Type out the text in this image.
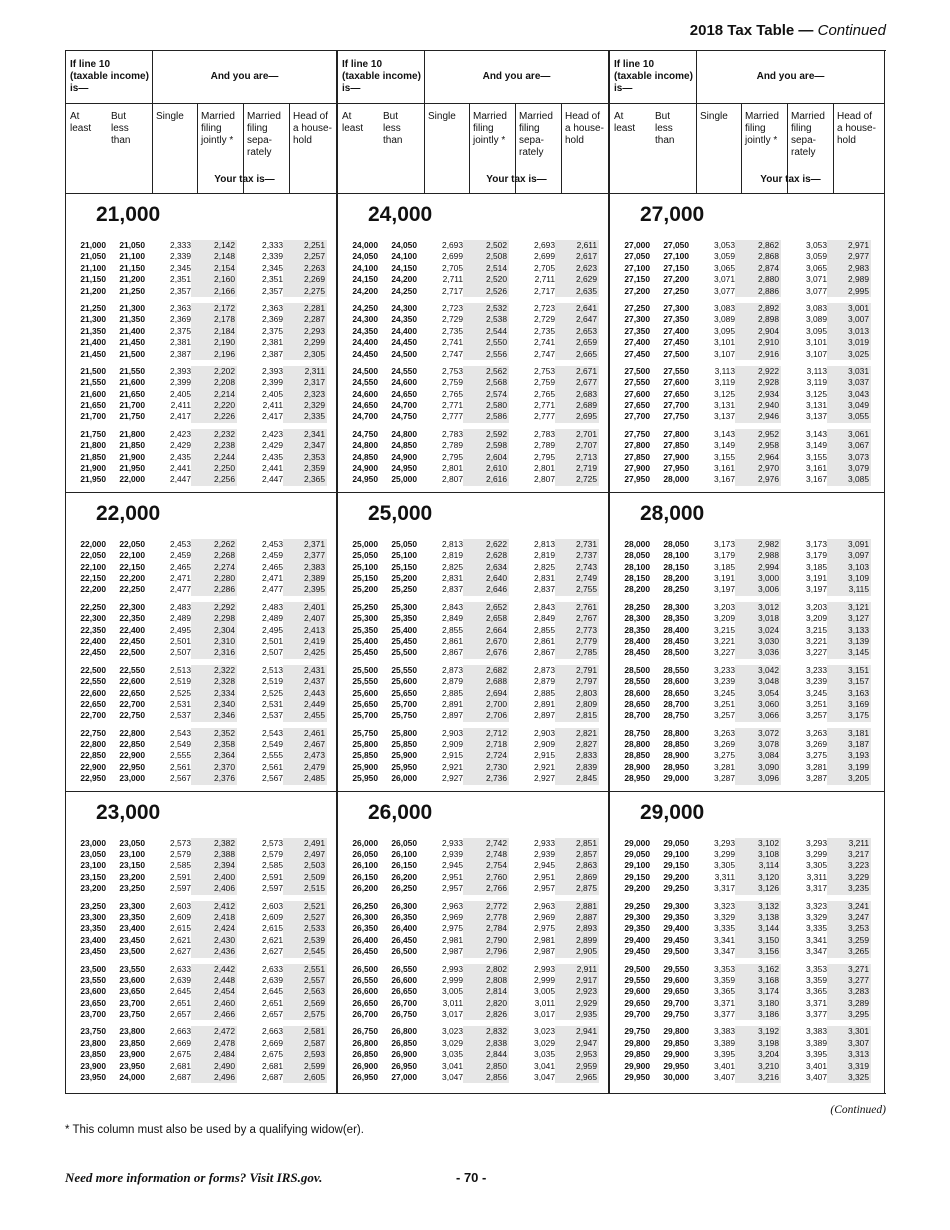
2018 Tax Table — Continued
If line 10 (taxable income) is—
And you are—
At least
But less than
Single	Married filing jointly *
Married filing sepa-rately
Head of a house-hold
Your tax is—
21,000
21,000	21,050	2,333	2,142	2,333	2,251
21,050	21,100	2,339	2,148	2,339	2,257
21,100	21,150	2,345	2,154	2,345	2,263
21,150	21,200	2,351	2,160	2,351	2,269
21,200	21,250	2,357	2,166	2,357	2,275
21,250	21,300	2,363	2,172	2,363	2,281
21,300	21,350	2,369	2,178	2,369	2,287
21,350	21,400	2,375	2,184	2,375	2,293
21,400	21,450	2,381	2,190	2,381	2,299
21,450	21,500	2,387	2,196	2,387	2,305
21,500	21,550	2,393	2,202	2,393	2,311
21,550	21,600	2,399	2,208	2,399	2,317
21,600	21,650	2,405	2,214	2,405	2,323
21,650	21,700	2,411	2,220	2,411	2,329
21,700	21,750	2,417	2,226	2,417	2,335
21,750	21,800	2,423	2,232	2,423	2,341
21,800	21,850	2,429	2,238	2,429	2,347
21,850	21,900	2,435	2,244	2,435	2,353
21,900	21,950	2,441	2,250	2,441	2,359
21,950	22,000	2,447	2,256	2,447	2,365
22,000
22,000	22,050	2,453	2,262	2,453	2,371
22,050	22,100	2,459	2,268	2,459	2,377
22,100	22,150	2,465	2,274	2,465	2,383
22,150	22,200	2,471	2,280	2,471	2,389
22,200	22,250	2,477	2,286	2,477	2,395
22,250	22,300	2,483	2,292	2,483	2,401
22,300	22,350	2,489	2,298	2,489	2,407
22,350	22,400	2,495	2,304	2,495	2,413
22,400	22,450	2,501	2,310	2,501	2,419
22,450	22,500	2,507	2,316	2,507	2,425
22,500	22,550	2,513	2,322	2,513	2,431
22,550	22,600	2,519	2,328	2,519	2,437
22,600	22,650	2,525	2,334	2,525	2,443
22,650	22,700	2,531	2,340	2,531	2,449
22,700	22,750	2,537	2,346	2,537	2,455
22,750	22,800	2,543	2,352	2,543	2,461
22,800	22,850	2,549	2,358	2,549	2,467
22,850	22,900	2,555	2,364	2,555	2,473
22,900	22,950	2,561	2,370	2,561	2,479
22,950	23,000	2,567	2,376	2,567	2,485
23,000
23,000	23,050	2,573	2,382	2,573	2,491
23,050	23,100	2,579	2,388	2,579	2,497
23,100	23,150	2,585	2,394	2,585	2,503
23,150	23,200	2,591	2,400	2,591	2,509
23,200	23,250	2,597	2,406	2,597	2,515
23,250	23,300	2,603	2,412	2,603	2,521
23,300	23,350	2,609	2,418	2,609	2,527
23,350	23,400	2,615	2,424	2,615	2,533
23,400	23,450	2,621	2,430	2,621	2,539
23,450	23,500	2,627	2,436	2,627	2,545
23,500	23,550	2,633	2,442	2,633	2,551
23,550	23,600	2,639	2,448	2,639	2,557
23,600	23,650	2,645	2,454	2,645	2,563
23,650	23,700	2,651	2,460	2,651	2,569
23,700	23,750	2,657	2,466	2,657	2,575
23,750	23,800	2,663	2,472	2,663	2,581
23,800	23,850	2,669	2,478	2,669	2,587
23,850	23,900	2,675	2,484	2,675	2,593
23,900	23,950	2,681	2,490	2,681	2,599
23,950	24,000	2,687	2,496	2,687	2,605
If line 10 (taxable income) is—
And you are—
At least
But less than
Single	Married filing jointly *
Married filing sepa-rately
Head of a house-hold
Your tax is—
24,000
24,000	24,050	2,693	2,502	2,693	2,611
24,050	24,100	2,699	2,508	2,699	2,617
24,100	24,150	2,705	2,514	2,705	2,623
24,150	24,200	2,711	2,520	2,711	2,629
24,200	24,250	2,717	2,526	2,717	2,635
24,250	24,300	2,723	2,532	2,723	2,641
24,300	24,350	2,729	2,538	2,729	2,647
24,350	24,400	2,735	2,544	2,735	2,653
24,400	24,450	2,741	2,550	2,741	2,659
24,450	24,500	2,747	2,556	2,747	2,665
24,500	24,550	2,753	2,562	2,753	2,671
24,550	24,600	2,759	2,568	2,759	2,677
24,600	24,650	2,765	2,574	2,765	2,683
24,650	24,700	2,771	2,580	2,771	2,689
24,700	24,750	2,777	2,586	2,777	2,695
24,750	24,800	2,783	2,592	2,783	2,701
24,800	24,850	2,789	2,598	2,789	2,707
24,850	24,900	2,795	2,604	2,795	2,713
24,900	24,950	2,801	2,610	2,801	2,719
24,950	25,000	2,807	2,616	2,807	2,725
25,000
25,000	25,050	2,813	2,622	2,813	2,731
25,050	25,100	2,819	2,628	2,819	2,737
25,100	25,150	2,825	2,634	2,825	2,743
25,150	25,200	2,831	2,640	2,831	2,749
25,200	25,250	2,837	2,646	2,837	2,755
25,250	25,300	2,843	2,652	2,843	2,761
25,300	25,350	2,849	2,658	2,849	2,767
25,350	25,400	2,855	2,664	2,855	2,773
25,400	25,450	2,861	2,670	2,861	2,779
25,450	25,500	2,867	2,676	2,867	2,785
25,500	25,550	2,873	2,682	2,873	2,791
25,550	25,600	2,879	2,688	2,879	2,797
25,600	25,650	2,885	2,694	2,885	2,803
25,650	25,700	2,891	2,700	2,891	2,809
25,700	25,750	2,897	2,706	2,897	2,815
25,750	25,800	2,903	2,712	2,903	2,821
25,800	25,850	2,909	2,718	2,909	2,827
25,850	25,900	2,915	2,724	2,915	2,833
25,900	25,950	2,921	2,730	2,921	2,839
25,950	26,000	2,927	2,736	2,927	2,845
26,000
26,000	26,050	2,933	2,742	2,933	2,851
26,050	26,100	2,939	2,748	2,939	2,857
26,100	26,150	2,945	2,754	2,945	2,863
26,150	26,200	2,951	2,760	2,951	2,869
26,200	26,250	2,957	2,766	2,957	2,875
26,250	26,300	2,963	2,772	2,963	2,881
26,300	26,350	2,969	2,778	2,969	2,887
26,350	26,400	2,975	2,784	2,975	2,893
26,400	26,450	2,981	2,790	2,981	2,899
26,450	26,500	2,987	2,796	2,987	2,905
26,500	26,550	2,993	2,802	2,993	2,911
26,550	26,600	2,999	2,808	2,999	2,917
26,600	26,650	3,005	2,814	3,005	2,923
26,650	26,700	3,011	2,820	3,011	2,929
26,700	26,750	3,017	2,826	3,017	2,935
26,750	26,800	3,023	2,832	3,023	2,941
26,800	26,850	3,029	2,838	3,029	2,947
26,850	26,900	3,035	2,844	3,035	2,953
26,900	26,950	3,041	2,850	3,041	2,959
26,950	27,000	3,047	2,856	3,047	2,965
If line 10 (taxable income) is—
And you are—
At least
But less than
Single	Married filing jointly *
Married filing sepa-rately
Head of a house-hold
Your tax is—
27,000
27,000	27,050	3,053	2,862	3,053	2,971
27,050	27,100	3,059	2,868	3,059	2,977
27,100	27,150	3,065	2,874	3,065	2,983
27,150	27,200	3,071	2,880	3,071	2,989
27,200	27,250	3,077	2,886	3,077	2,995
27,250	27,300	3,083	2,892	3,083	3,001
27,300	27,350	3,089	2,898	3,089	3,007
27,350	27,400	3,095	2,904	3,095	3,013
27,400	27,450	3,101	2,910	3,101	3,019
27,450	27,500	3,107	2,916	3,107	3,025
27,500	27,550	3,113	2,922	3,113	3,031
27,550	27,600	3,119	2,928	3,119	3,037
27,600	27,650	3,125	2,934	3,125	3,043
27,650	27,700	3,131	2,940	3,131	3,049
27,700	27,750	3,137	2,946	3,137	3,055
27,750	27,800	3,143	2,952	3,143	3,061
27,800	27,850	3,149	2,958	3,149	3,067
27,850	27,900	3,155	2,964	3,155	3,073
27,900	27,950	3,161	2,970	3,161	3,079
27,950	28,000	3,167	2,976	3,167	3,085
28,000
28,000	28,050	3,173	2,982	3,173	3,091
28,050	28,100	3,179	2,988	3,179	3,097
28,100	28,150	3,185	2,994	3,185	3,103
28,150	28,200	3,191	3,000	3,191	3,109
28,200	28,250	3,197	3,006	3,197	3,115
28,250	28,300	3,203	3,012	3,203	3,121
28,300	28,350	3,209	3,018	3,209	3,127
28,350	28,400	3,215	3,024	3,215	3,133
28,400	28,450	3,221	3,030	3,221	3,139
28,450	28,500	3,227	3,036	3,227	3,145
28,500	28,550	3,233	3,042	3,233	3,151
28,550	28,600	3,239	3,048	3,239	3,157
28,600	28,650	3,245	3,054	3,245	3,163
28,650	28,700	3,251	3,060	3,251	3,169
28,700	28,750	3,257	3,066	3,257	3,175
28,750	28,800	3,263	3,072	3,263	3,181
28,800	28,850	3,269	3,078	3,269	3,187
28,850	28,900	3,275	3,084	3,275	3,193
28,900	28,950	3,281	3,090	3,281	3,199
28,950	29,000	3,287	3,096	3,287	3,205
29,000
29,000	29,050	3,293	3,102	3,293	3,211
29,050	29,100	3,299	3,108	3,299	3,217
29,100	29,150	3,305	3,114	3,305	3,223
29,150	29,200	3,311	3,120	3,311	3,229
29,200	29,250	3,317	3,126	3,317	3,235
29,250	29,300	3,323	3,132	3,323	3,241
29,300	29,350	3,329	3,138	3,329	3,247
29,350	29,400	3,335	3,144	3,335	3,253
29,400	29,450	3,341	3,150	3,341	3,259
29,450	29,500	3,347	3,156	3,347	3,265
29,500	29,550	3,353	3,162	3,353	3,271
29,550	29,600	3,359	3,168	3,359	3,277
29,600	29,650	3,365	3,174	3,365	3,283
29,650	29,700	3,371	3,180	3,371	3,289
29,700	29,750	3,377	3,186	3,377	3,295
29,750	29,800	3,383	3,192	3,383	3,301
29,800	29,850	3,389	3,198	3,389	3,307
29,850	29,900	3,395	3,204	3,395	3,313
29,900	29,950	3,401	3,210	3,401	3,319
29,950	30,000	3,407	3,216	3,407	3,325
(Continued)
* This column must also be used by a qualifying widow(er).
Need more information or forms? Visit IRS.gov.	- 70 -
